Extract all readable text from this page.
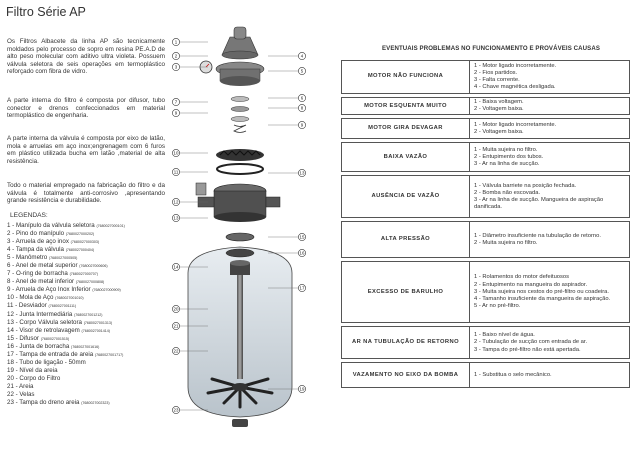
Filtro Série AP

Os Filtros Albacete da linha AP são tecnicamente moldados pelo processo de sopro em resina PE.A.D de alto peso molecular com aditivo ultra violeta. Possuem válvula seletora de seis operações em termoplástico reforçado com fibra de vidro.

A parte interna do filtro é composta por difusor, tubo conector e drenos confeccionados em material termoplástico de engenharia.

A parte interna da válvula é composta por eixo de latão, mola e arruelas em aço inox;engrenagem com 6 furos em plástico utilizada bucha em latão ,material de alta resistência.

Todo o material empregado na fabricação do filtro e da válvula é totalmente anti-corrosivo ,apresentando grande resistência e durabilidade.

LEGENDAS:
1 - Manípulo da válvula seletora (7680027000101)
2 - Pino do manípulo (7680027000202)
3 - Arruela de aço inox (7680027000303)
4 - Tampa da válvula (7680027000404)
5 - Manômetro (7680027000505)
6 - Anel de metal superior (7680027000606)
7 - O-ring de borracha (7680027000707)
8 - Anel de metal inferior (7680027000808)
9 - Arruela de Aço Inox Inferior (7680027000909)
10 - Mola de Aço (7680027001010)
11 - Desviador (7680027001111)
12 - Junta Intermediária (7680027001212)
13 - Corpo Válvula seletora (7680027001313)
14 - Visor de retrolavagem (7680027001414)
15 - Difusor (7680027001515)
16 - Junta de borracha (7680027001616)
17 - Tampa de entrada de areia (7680027001717)
18 - Tubo de ligação - 50mm
19 - Nível da areia
20 - Corpo do Filtro
21 - Areia
22 - Velas
23 - Tampa do dreno areia (7680027002323)
1
2
3
7
9
10
11
12
13
14
20
21
22
23
4
5
6
8
9
13
15
16
17
19
EVENTUAIS PROBLEMAS NO FUNCIONAMENTO E PROVÁVEIS CAUSAS
MOTOR NÃO FUNCIONA	1 - Motor ligado incorretamente.
2 - Fios partidos.
3 - Falta corrente.
4 - Chave magnética desligada.

MOTOR ESQUENTA MUITO	1 - Baixa voltagem.
2 - Voltagem baixa.

MOTOR GIRA DEVAGAR	1 - Motor ligado incorretamente.
2 - Voltagem baixa.

BAIXA VAZÃO	1 - Muita sujeira no filtro.
2 - Entupimento dos tubos.
3 - Ar na linha de sucção.

AUSÊNCIA DE VAZÃO	1 - Válvula barriete na posição fechada.
2 - Bomba não escovada.
3 - Ar na linha de sucção. Mangueira de aspiração danificada.

ALTA PRESSÃO	1 - Diâmetro insuficiente na tubulação de retorno.
2 - Muita sujeira no filtro.

EXCESSO DE BARULHO	1 - Rolamentos do motor defeituosos
2 - Entupimento na mangueira do aspirador.
3 - Muita sujeira nos cestos do pré-filtro ou coadeira.
4 - Tamanho insuficiente da mangueira de aspiração.
5 - Ar no pré-filtro.

AR NA TUBULAÇÃO DE RETORNO	1 - Baixo nível de água.
2 - Tubulação de sucção com entrada de ar.
3 - Tampa do pré-filtro não está apertada.

VAZAMENTO NO EIXO DA BOMBA	1 - Substitua o selo mecânico.
